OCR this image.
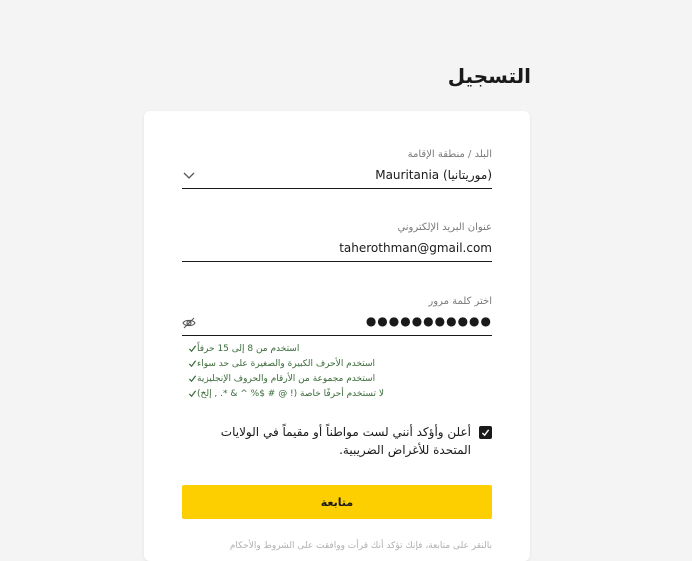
التسجيل
البلد / منطقة الإقامة
Mauritania (موريتانيا)
عنوان البريد الإلكتروني
taherothman@gmail.com
اختر كلمة مرور
●●●●●●●●●●●
استخدم من 8 إلى 15 حرفاً
استخدم الأحرف الكبيرة والصغيرة على حد سواء
استخدم مجموعة من الأرقام والحروف الإنجليزية
لا تستخدم أحرفًا خاصة (! @ # $% ^ & *. , إلخ)
أعلن وأؤكد أنني لست مواطناً أو مقيماً في الولايات المتحدة للأغراض الضريبية.
متابعة
بالنقر على متابعة، فإنك تؤكد أنك قرأت ووافقت على الشروط والأحكام
